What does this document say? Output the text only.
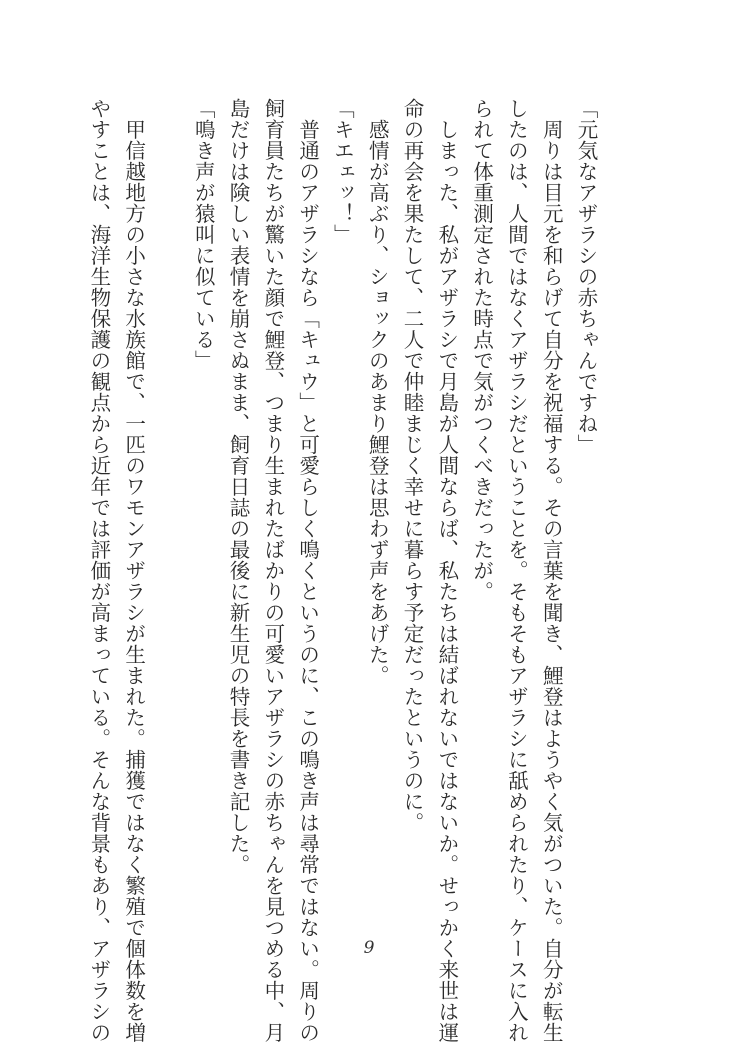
「元気なアザラシの赤ちゃんですね」

　周りは目元を和らげて自分を祝福する。その言葉を聞き、鯉登はようやく気がついた。自分が転生

したのは、人間ではなくアザラシだということを。そもそもアザラシに舐められたり、ケースに入れ

られて体重測定された時点で気がつくべきだったが。

　しまった、私がアザラシで月島が人間ならば、私たちは結ばれないではないか。せっかく来世は運

命の再会を果たして、二人で仲睦まじく幸せに暮らす予定だったというのに。

　感情が高ぶり、ショックのあまり鯉登は思わず声をあげた。

「キエェッ！」

　普通のアザラシなら「キュウ」と可愛らしく鳴くというのに、この鳴き声は尋常ではない。周りの

飼育員たちが驚いた顔で鯉登、つまり生まれたばかりの可愛いアザラシの赤ちゃんを見つめる中、月

島だけは険しい表情を崩さぬまま、飼育日誌の最後に新生児の特長を書き記した。

「鳴き声が猿叫に似ている」

　甲信越地方の小さな水族館で、一匹のワモンアザラシが生まれた。捕獲ではなく繁殖で個体数を増

やすことは、海洋生物保護の観点から近年では評価が高まっている。そんな背景もあり、アザラシの	9
